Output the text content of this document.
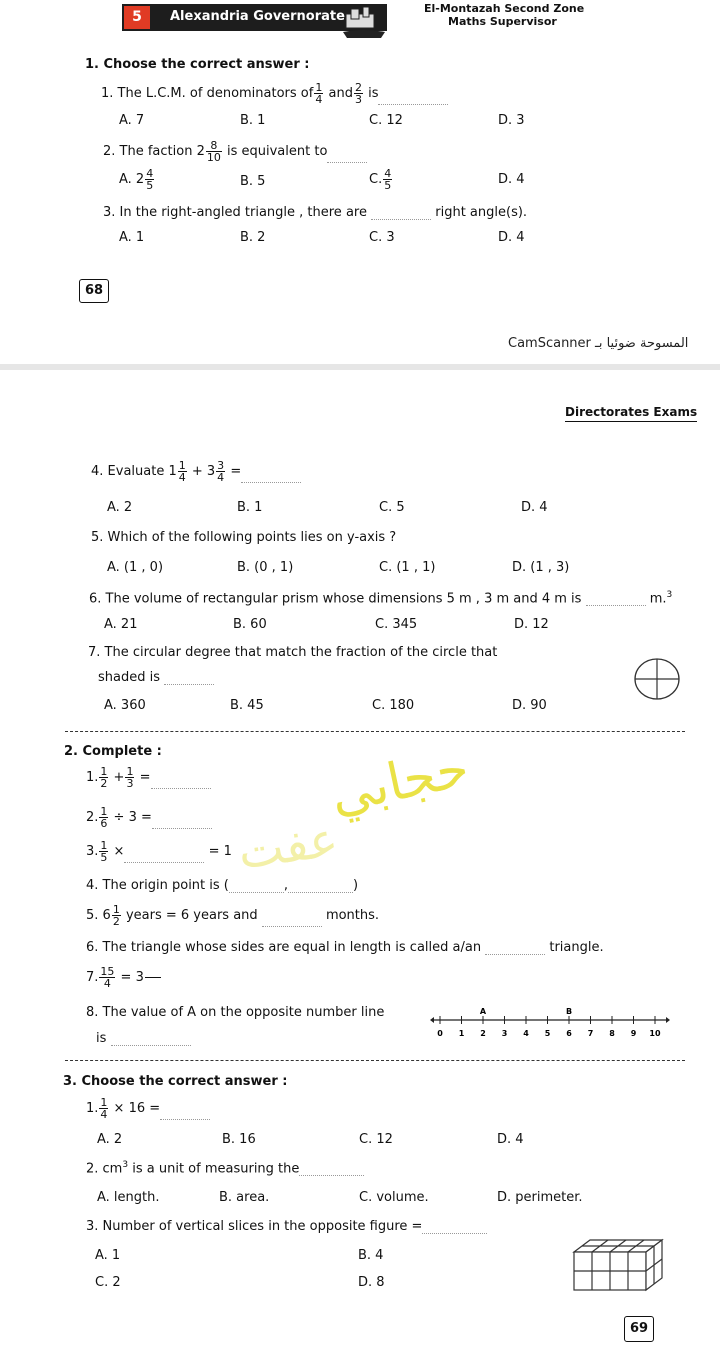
5	Alexandria Governorate
El-Montazah Second Zone
Maths Supervisor
1. Choose the correct answer :
1. The L.C.M. of denominators of $\frac{1}{4}$ and $\frac{2}{3}$ is
A. 7	B. 1	C. 12	D. 3
2. The faction $2 \frac{8}{10}$ is equivalent to
A. $2 \frac{4}{5}$	B. 5	C. $\frac{4}{5}$	D. 4
3. In the right-angled triangle , there are	right angle(s).
A. 1	B. 2	C. 3	D. 4
68
CamScanner المسوحة ضوئيا بـ
Directorates Exams
4. Evaluate $1 \frac{1}{4} + 3 \frac{3}{4}$ =
A. 2	B. 1	C. 5	D. 4
5. Which of the following points lies on y-axis ?
A. (1 , 0)	B. (0 , 1)	C. (1 , 1)	D. (1 , 3)
6. The volume of rectangular prism whose dimensions 5 m , 3 m and 4 m is	m.$^3$
A. 21	B. 60	C. 345	D. 12
7. The circular degree that match the fraction of the circle that
shaded is
A. 360	B. 45	C. 180	D. 90
2. Complete :
1. $\frac{1}{2} + \frac{1}{3}$ =
2. $\frac{1}{6} \div 3$ =
3. $\frac{1}{5}$ ×	= 1
4. The origin point is (	,	)
5. $6 \frac{1}{2}$ years = 6 years and	months.
6. The triangle whose sides are equal in length is called a/an	triangle.
7. $\frac{15}{4} = 3 \frac{00}{00}$
8. The value of A on the opposite number line
is	0 1 2 3 4 5 6 7 8 9 10
A	B
حجابي
عفت
3. Choose the correct answer :
1. $\frac{1}{4} \times 16$ =
A. 2	B. 16	C. 12	D. 4
2. $cm^3$ is a unit of measuring the
A. length.	B. area.	C. volume.	D. perimeter.
3. Number of vertical slices in the opposite figure =
A. 1	B. 4
C. 2	D. 8
69
